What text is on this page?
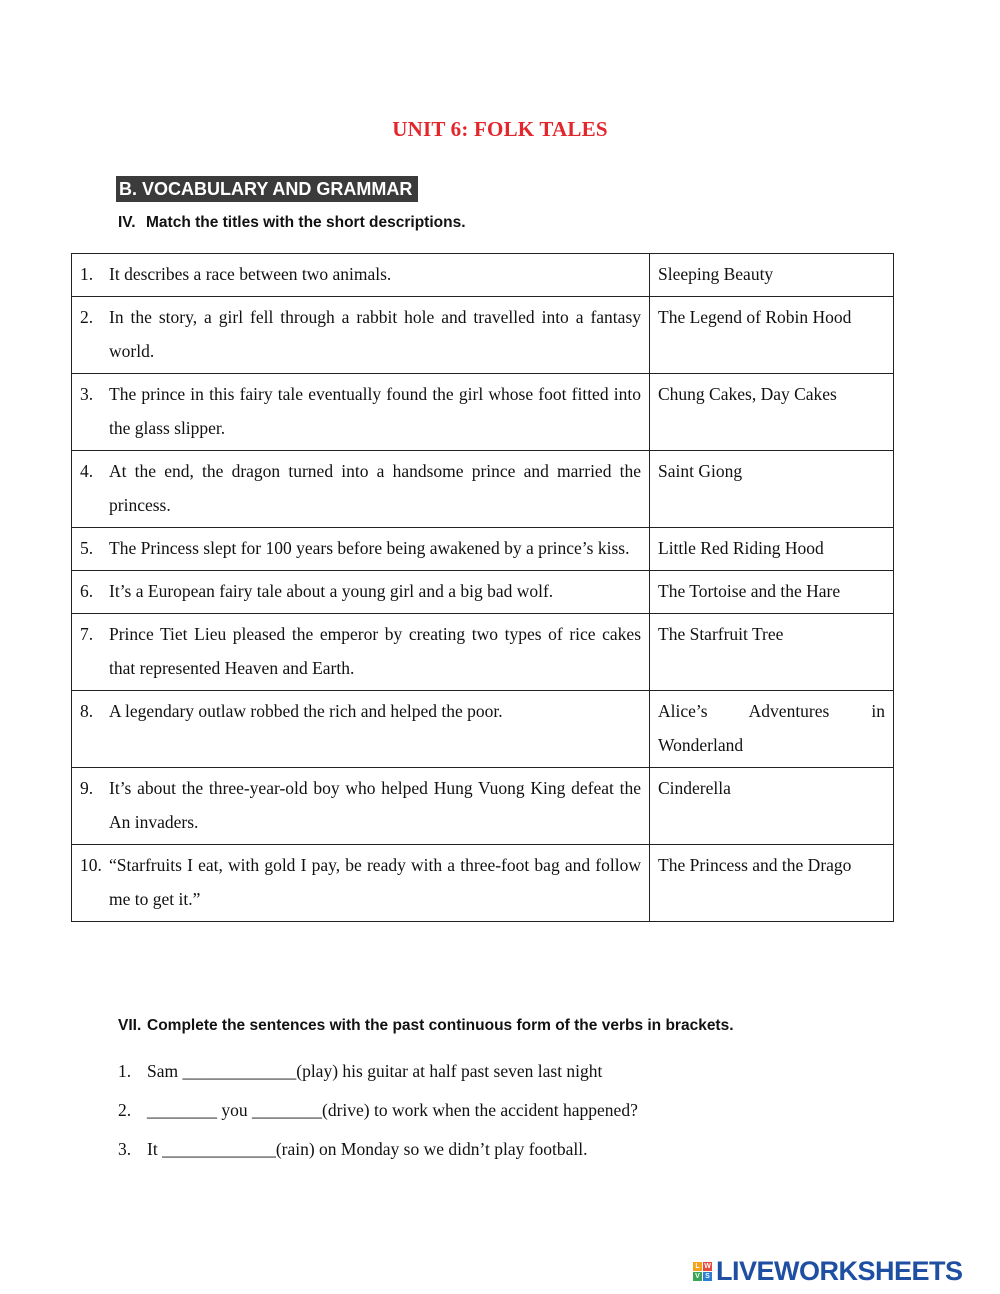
UNIT 6: FOLK TALES
B. VOCABULARY AND GRAMMAR
IV. Match the titles with the short descriptions.
1. It describes a race between two animals.	Sleeping Beauty

2. In the story, a girl fell through a rabbit hole and travelled into a fantasy world.	The Legend of Robin Hood

3. The prince in this fairy tale eventually found the girl whose foot fitted into the glass slipper.	Chung Cakes, Day Cakes

4. At the end, the dragon turned into a handsome prince and married the princess.	Saint Giong

5. The Princess slept for 100 years before being awakened by a prince’s kiss.	Little Red Riding Hood

6. It’s a European fairy tale about a young girl and a big bad wolf.	The Tortoise and the Hare

7. Prince Tiet Lieu pleased the emperor by creating two types of rice cakes that represented Heaven and Earth.	The Starfruit Tree

8. A legendary outlaw robbed the rich and helped the poor.	Alice’s Adventures in Wonderland

9. It’s about the three-year-old boy who helped Hung Vuong King defeat the An invaders.	Cinderella

10. “Starfruits I eat, with gold I pay, be ready with a three-foot bag and follow me to get it.”	The Princess and the Drago
VII. Complete the sentences with the past continuous form of the verbs in brackets.
1. Sam _____________(play) his guitar at half past seven last night
2. ________ you ________(drive) to work when the accident happened?
3. It _____________(rain) on Monday so we didn’t play football.
L W
V S LIVEWORKSHEETS
